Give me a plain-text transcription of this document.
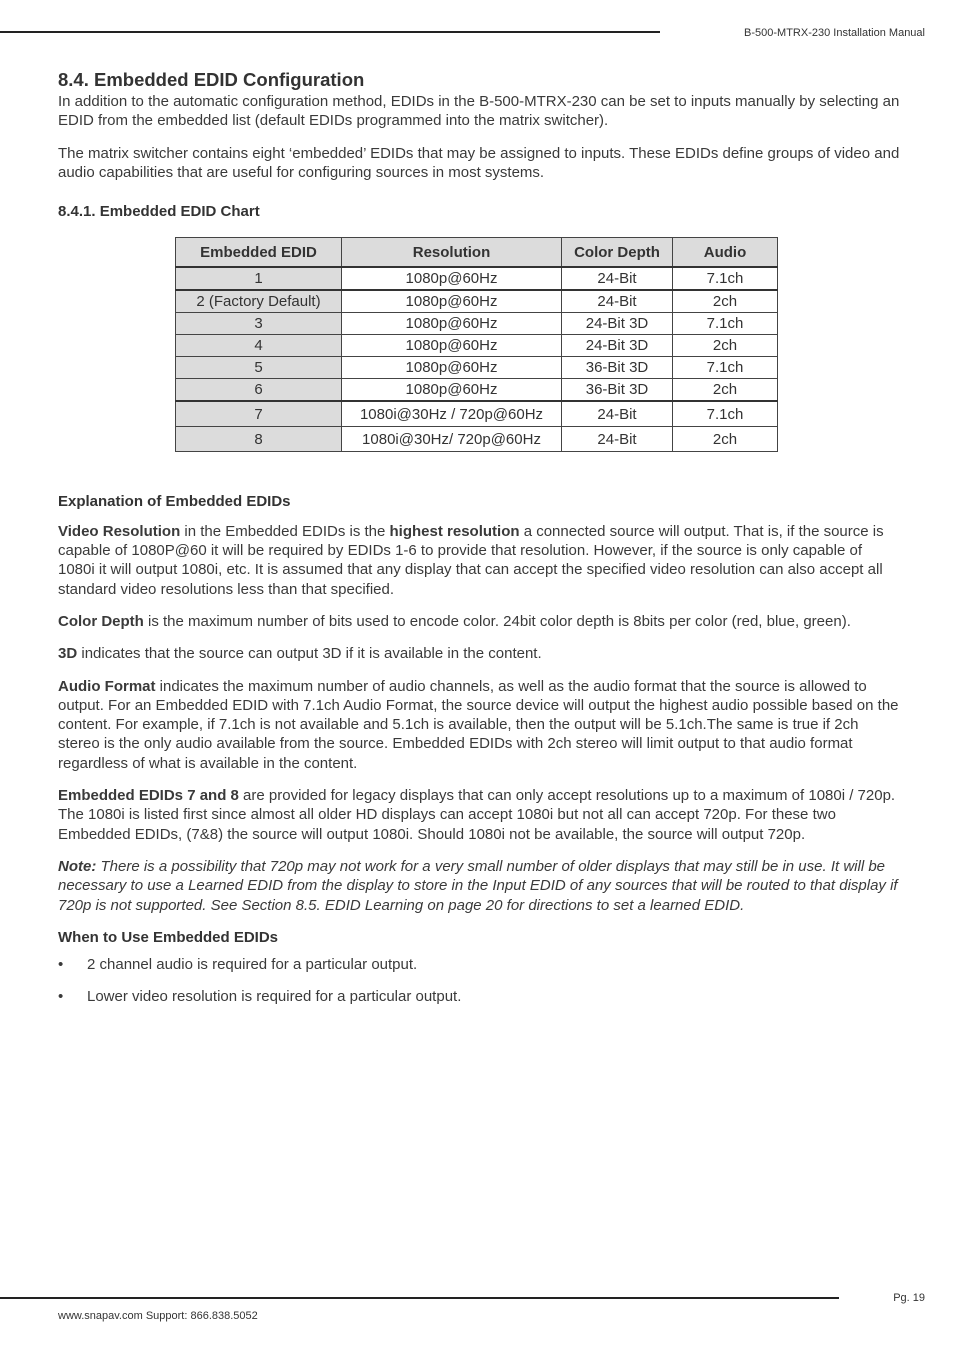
B-500-MTRX-230 Installation Manual
8.4. Embedded EDID Configuration

In addition to the automatic configuration method, EDIDs in the B-500-MTRX-230 can be set to inputs manually by selecting an EDID from the embedded list (default EDIDs programmed into the matrix switcher).

The matrix switcher contains eight ‘embedded’ EDIDs that may be assigned to inputs. These EDIDs define groups of video and audio capabilities that are useful for configuring sources in most systems.

8.4.1. Embedded EDID Chart
Embedded EDID	Resolution	Color Depth	Audio
1	1080p@60Hz	24-Bit	7.1ch
2 (Factory Default)	1080p@60Hz	24-Bit	2ch
3	1080p@60Hz	24-Bit 3D	7.1ch
4	1080p@60Hz	24-Bit 3D	2ch
5	1080p@60Hz	36-Bit 3D	7.1ch
6	1080p@60Hz	36-Bit 3D	2ch
7	1080i@30Hz / 720p@60Hz	24-Bit	7.1ch
8	1080i@30Hz/ 720p@60Hz	24-Bit	2ch
Explanation of Embedded EDIDs

Video Resolution in the Embedded EDIDs is the highest resolution a connected source will output. That is, if the source is capable of 1080P@60 it will be required by EDIDs 1-6 to provide that resolution. However, if the source is only capable of 1080i it will output 1080i, etc. It is assumed that any display that can accept the specified video resolution can also accept all standard video resolutions less than that specified.

Color Depth is the maximum number of bits used to encode color. 24bit color depth is 8bits per color (red, blue, green).

3D indicates that the source can output 3D if it is available in the content.

Audio Format indicates the maximum number of audio channels, as well as the audio format that the source is allowed to output. For an Embedded EDID with 7.1ch Audio Format, the source device will output the highest audio possible based on the content. For example, if 7.1ch is not available and 5.1ch is available, then the output will be 5.1ch.The same is true if 2ch stereo is the only audio available from the source. Embedded EDIDs with 2ch stereo will limit output to that audio format regardless of what is available in the content.

Embedded EDIDs 7 and 8 are provided for legacy displays that can only accept resolutions up to a maximum of 1080i / 720p. The 1080i is listed first since almost all older HD displays can accept 1080i but not all can accept 720p. For these two Embedded EDIDs, (7&8) the source will output 1080i. Should 1080i not be available, the source will output 720p.

Note: There is a possibility that 720p may not work for a very small number of older displays that may still be in use. It will be necessary to use a Learned EDID from the display to store in the Input EDID of any sources that will be routed to that display if 720p is not supported. See Section 8.5. EDID Learning on page 20 for directions to set a learned EDID.

When to Use Embedded EDIDs
• 2 channel audio is required for a particular output.
• Lower video resolution is required for a particular output.
Pg. 19
www.snapav.com Support: 866.838.5052
